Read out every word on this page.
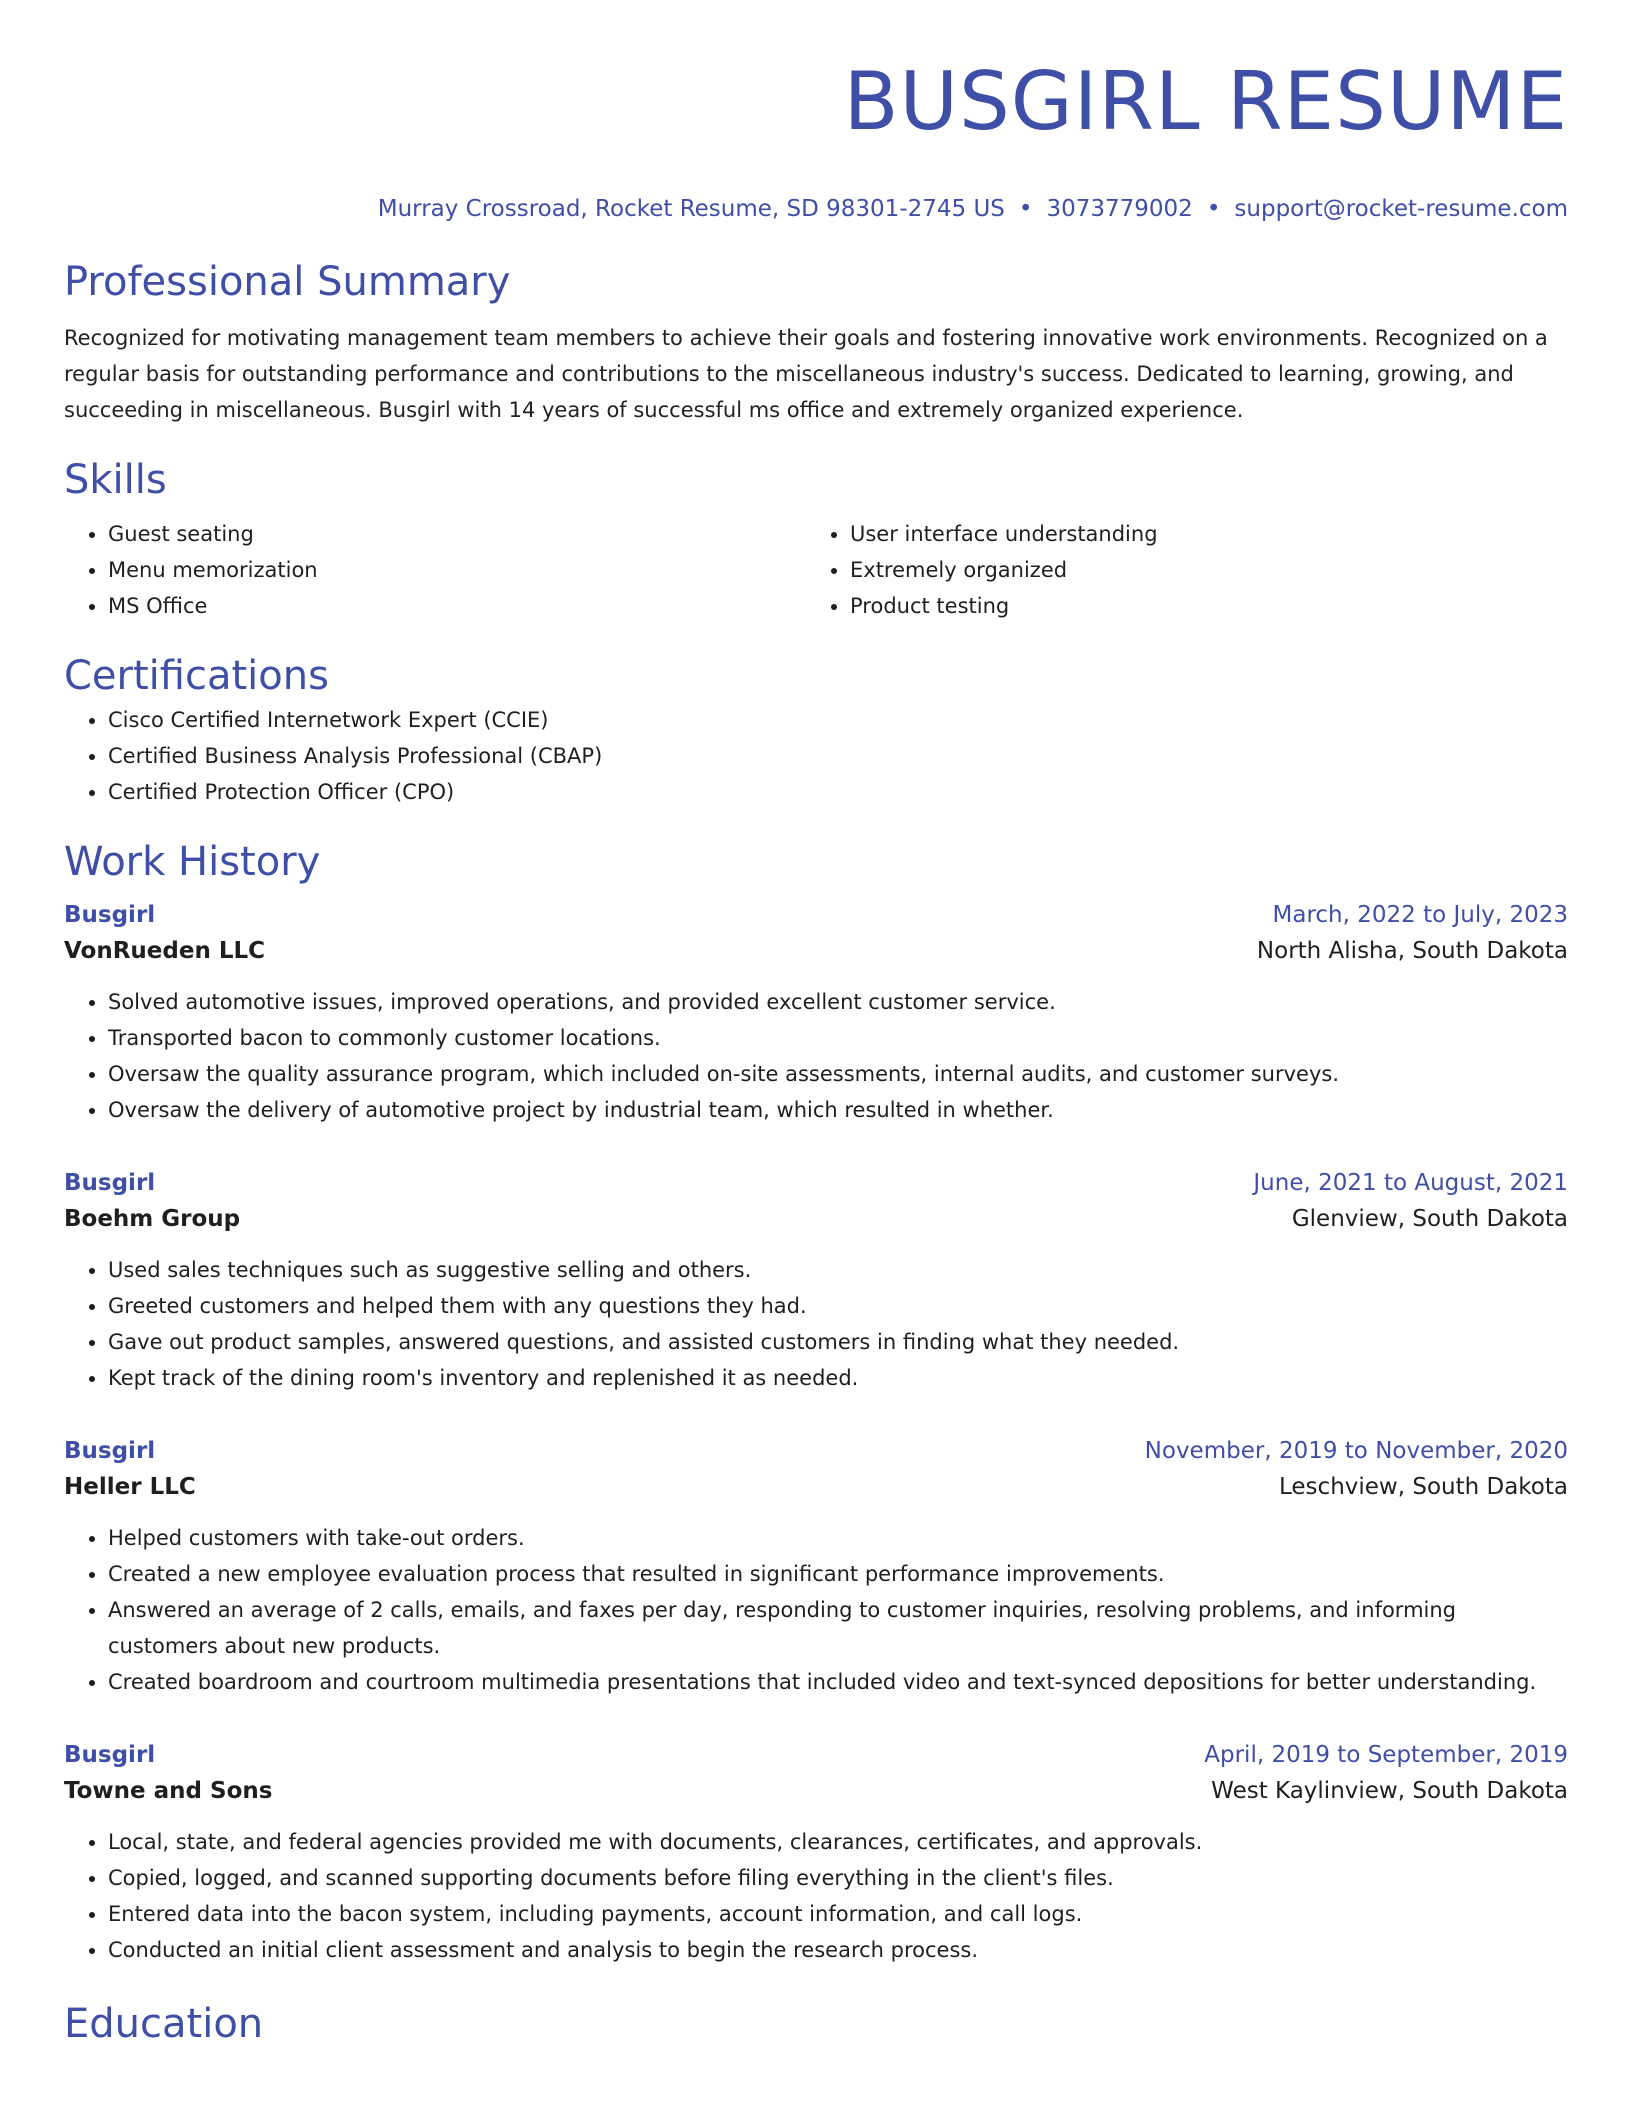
BUSGIRL RESUME
Murray Crossroad, Rocket Resume, SD 98301-2745 US • 3073779002 • support@rocket-resume.com
Professional Summary

Recognized for motivating management team members to achieve their goals and fostering innovative work environments. Recognized on a regular basis for outstanding performance and contributions to the miscellaneous industry's success. Dedicated to learning, growing, and succeeding in miscellaneous. Busgirl with 14 years of successful ms office and extremely organized experience.

Skills
• Guest seating
• Menu memorization
• MS Office
• User interface understanding
• Extremely organized
• Product testing
Certifications
• Cisco Certified Internetwork Expert (CCIE)
• Certified Business Analysis Professional (CBAP)
• Certified Protection Officer (CPO)
Work History
Busgirl	March, 2022 to July, 2023
VonRueden LLC	North Alisha, South Dakota
• Solved automotive issues, improved operations, and provided excellent customer service.
• Transported bacon to commonly customer locations.
• Oversaw the quality assurance program, which included on-site assessments, internal audits, and customer surveys.
• Oversaw the delivery of automotive project by industrial team, which resulted in whether.
Busgirl	June, 2021 to August, 2021
Boehm Group	Glenview, South Dakota
• Used sales techniques such as suggestive selling and others.
• Greeted customers and helped them with any questions they had.
• Gave out product samples, answered questions, and assisted customers in finding what they needed.
• Kept track of the dining room's inventory and replenished it as needed.
Busgirl	November, 2019 to November, 2020
Heller LLC	Leschview, South Dakota
• Helped customers with take-out orders.
• Created a new employee evaluation process that resulted in significant performance improvements.
• Answered an average of 2 calls, emails, and faxes per day, responding to customer inquiries, resolving problems, and informing customers about new products.
• Created boardroom and courtroom multimedia presentations that included video and text-synced depositions for better understanding.
Busgirl	April, 2019 to September, 2019
Towne and Sons	West Kaylinview, South Dakota
• Local, state, and federal agencies provided me with documents, clearances, certificates, and approvals.
• Copied, logged, and scanned supporting documents before filing everything in the client's files.
• Entered data into the bacon system, including payments, account information, and call logs.
• Conducted an initial client assessment and analysis to begin the research process.
Education
